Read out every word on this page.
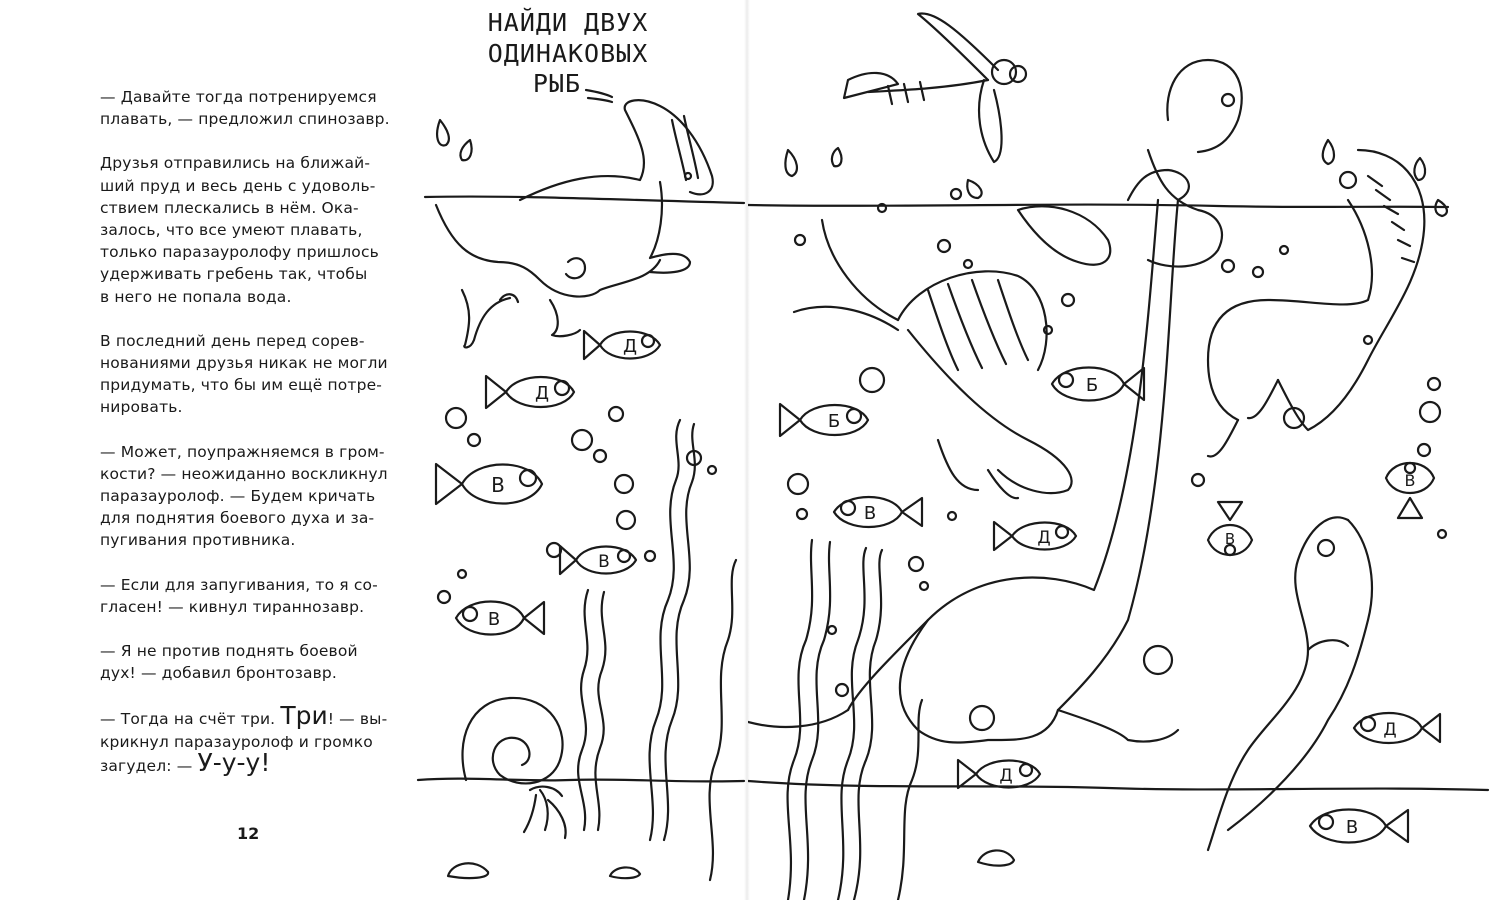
— Давайте тогда потренируемся
плавать, — предложил спинозавр.

Друзья отправились на ближай-
ший пруд и весь день с удоволь-
ствием плескались в нём. Ока-
залось, что все умеют плавать,
только паразауролофу пришлось
удерживать гребень так, чтобы
в него не попала вода.

В последний день перед сорев-
нованиями друзья никак не могли
придумать, что бы им ещё потре-
нировать.

— Может, поупражняемся в гром-
кости? — неожиданно воскликнул
паразауролоф. — Будем кричать
для поднятия боевого духа и за-
пугивания противника.

— Если для запугивания, то я со-
гласен! — кивнул тираннозавр.

— Я не против поднять боевой
дух! — добавил бронтозавр.

— Тогда на счёт три. Три! — вы-
крикнул паразауролоф и громко
загудел: — У-у-у!

12
Д
Д
В
В
В
Б
Б
В
Д
В
В
Д
Д
В
НАЙДИ ДВУХ
ОДИНАКОВЫХ
РЫБ
